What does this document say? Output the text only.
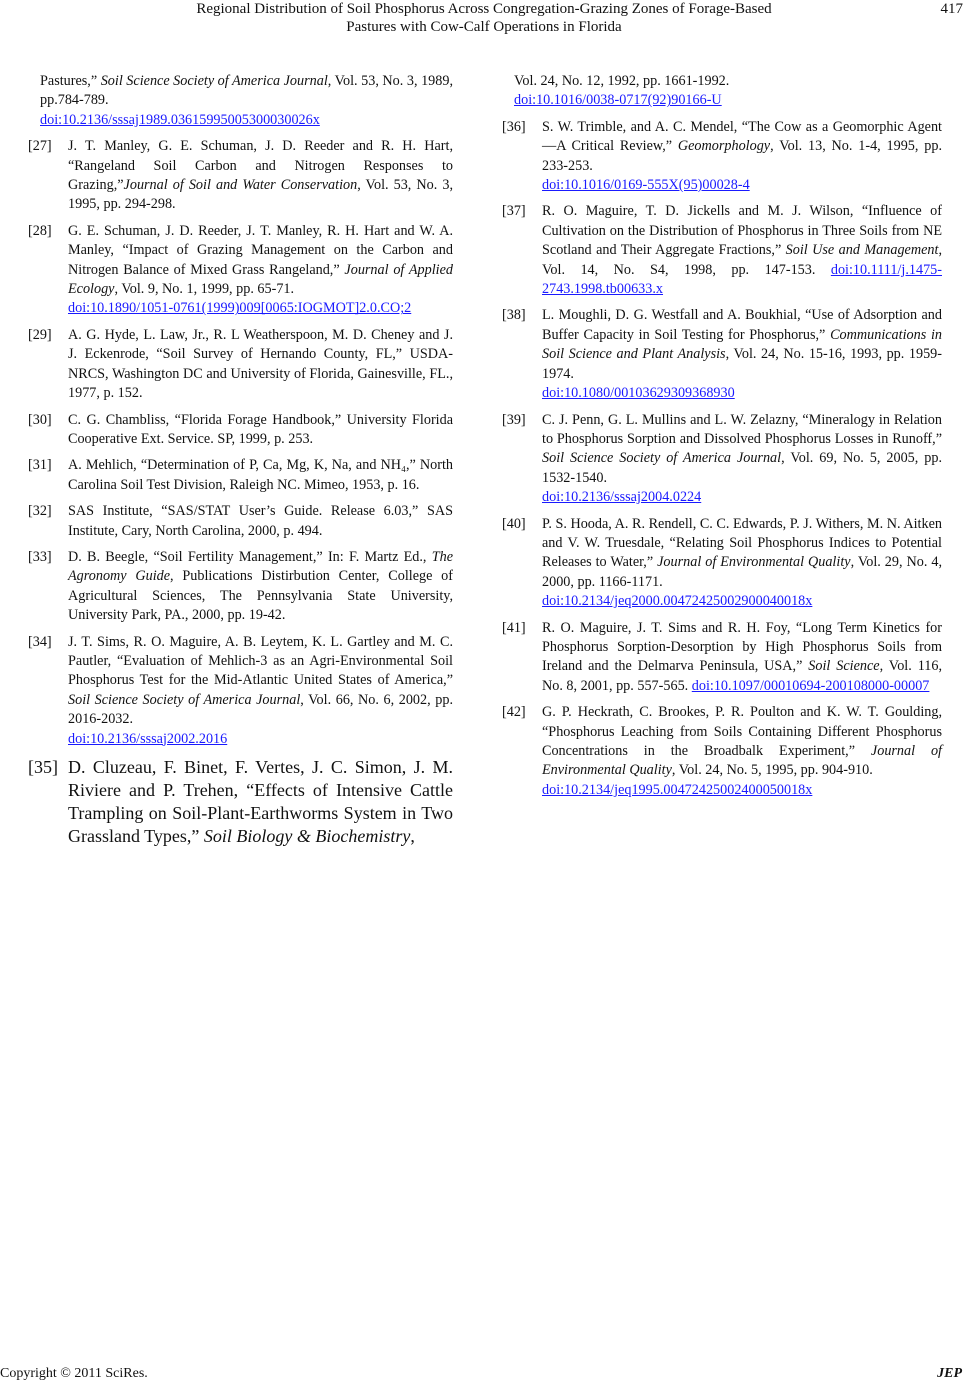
Regional Distribution of Soil Phosphorus Across Congregation-Grazing Zones of Forage-Based
Pastures with Cow-Calf Operations in Florida
417
Pastures,” Soil Science Society of America Journal, Vol. 53, No. 3, 1989, pp.784-789.
doi:10.2136/sssaj1989.03615995005300030026x
[27] J. T. Manley, G. E. Schuman, J. D. Reeder and R. H. Hart, “Rangeland Soil Carbon and Nitrogen Responses to Grazing,”Journal of Soil and Water Conservation, Vol. 53, No. 3, 1995, pp. 294-298.
[28] G. E. Schuman, J. D. Reeder, J. T. Manley, R. H. Hart and W. A. Manley, “Impact of Grazing Management on the Carbon and Nitrogen Balance of Mixed Grass Rangeland,” Journal of Applied Ecology, Vol. 9, No. 1, 1999, pp. 65-71.
doi:10.1890/1051-0761(1999)009[0065:IOGMOT]2.0.CO;2
[29] A. G. Hyde, L. Law, Jr., R. L Weatherspoon, M. D. Cheney and J. J. Eckenrode, “Soil Survey of Hernando County, FL,” USDA-NRCS, Washington DC and University of Florida, Gainesville, FL., 1977, p. 152.
[30] C. G. Chambliss, “Florida Forage Handbook,” University Florida Cooperative Ext. Service. SP, 1999, p. 253.
[31] A. Mehlich, “Determination of P, Ca, Mg, K, Na, and NH₄,” North Carolina Soil Test Division, Raleigh NC. Mimeo, 1953, p. 16.
[32] SAS Institute, “SAS/STAT User’s Guide. Release 6.03,” SAS Institute, Cary, North Carolina, 2000, p. 494.
[33] D. B. Beegle, “Soil Fertility Management,” In: F. Martz Ed., The Agronomy Guide, Publications Distirbution Center, College of Agricultural Sciences, The Pennsylvania State University, University Park, PA., 2000, pp. 19-42.
[34] J. T. Sims, R. O. Maguire, A. B. Leytem, K. L. Gartley and M. C. Pautler, “Evaluation of Mehlich-3 as an Agri-Environmental Soil Phosphorus Test for the Mid-Atlantic United States of America,” Soil Science Society of America Journal, Vol. 66, No. 6, 2002, pp. 2016-2032.
doi:10.2136/sssaj2002.2016
[35] D. Cluzeau, F. Binet, F. Vertes, J. C. Simon, J. M. Riviere and P. Trehen, “Effects of Intensive Cattle Trampling on Soil-Plant-Earthworms System in Two Grassland Types,” Soil Biology & Biochemistry,
Vol. 24, No. 12, 1992, pp. 1661-1992.
doi:10.1016/0038-0717(92)90166-U
[36] S. W. Trimble, and A. C. Mendel, “The Cow as a Geomorphic Agent—A Critical Review,” Geomorphology, Vol. 13, No. 1-4, 1995, pp. 233-253.
doi:10.1016/0169-555X(95)00028-4
[37] R. O. Maguire, T. D. Jickells and M. J. Wilson, “Influence of Cultivation on the Distribution of Phosphorus in Three Soils from NE Scotland and Their Aggregate Fractions,” Soil Use and Management, Vol. 14, No. S4, 1998, pp. 147-153. doi:10.1111/j.1475-2743.1998.tb00633.x
[38] L. Moughli, D. G. Westfall and A. Boukhial, “Use of Adsorption and Buffer Capacity in Soil Testing for Phosphorus,” Communications in Soil Science and Plant Analysis, Vol. 24, No. 15-16, 1993, pp. 1959-1974.
doi:10.1080/00103629309368930
[39] C. J. Penn, G. L. Mullins and L. W. Zelazny, “Mineralogy in Relation to Phosphorus Sorption and Dissolved Phosphorus Losses in Runoff,” Soil Science Society of America Journal, Vol. 69, No. 5, 2005, pp. 1532-1540.
doi:10.2136/sssaj2004.0224
[40] P. S. Hooda, A. R. Rendell, C. C. Edwards, P. J. Withers, M. N. Aitken and V. W. Truesdale, “Relating Soil Phosphorus Indices to Potential Releases to Water,” Journal of Environmental Quality, Vol. 29, No. 4, 2000, pp. 1166-1171.
doi:10.2134/jeq2000.00472425002900040018x
[41] R. O. Maguire, J. T. Sims and R. H. Foy, “Long Term Kinetics for Phosphorus Sorption-Desorption by High Phosphorus Soils from Ireland and the Delmarva Peninsula, USA,” Soil Science, Vol. 116, No. 8, 2001, pp. 557-565. doi:10.1097/00010694-200108000-00007
[42] G. P. Heckrath, C. Brookes, P. R. Poulton and K. W. T. Goulding, “Phosphorus Leaching from Soils Containing Different Phosphorus Concentrations in the Broadbalk Experiment,” Journal of Environmental Quality, Vol. 24, No. 5, 1995, pp. 904-910.
doi:10.2134/jeq1995.00472425002400050018x
Copyright © 2011 SciRes.	JEP
